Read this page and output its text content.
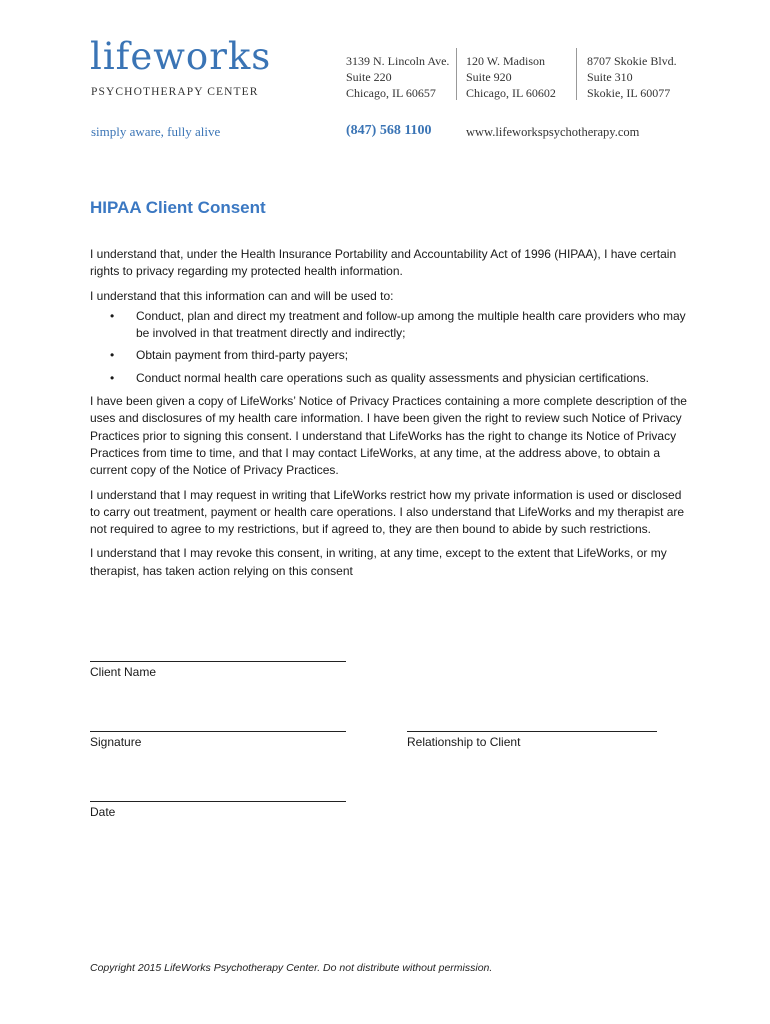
lifeworks
PSYCHOTHERAPY CENTER
simply aware, fully alive
3139 N. Lincoln Ave.
Suite 220
Chicago, IL 60657
120 W. Madison
Suite 920
Chicago, IL 60602
8707 Skokie Blvd.
Suite 310
Skokie, IL 60077
(847) 568 1100	www.lifeworkspsychotherapy.com
HIPAA Client Consent

I understand that, under the Health Insurance Portability and Accountability Act of 1996 (HIPAA), I have certain rights to privacy regarding my protected health information.

I understand that this information can and will be used to:

• Conduct, plan and direct my treatment and follow-up among the multiple health care providers who may be involved in that treatment directly and indirectly;
• Obtain payment from third-party payers;
• Conduct normal health care operations such as quality assessments and physician certifications.

I have been given a copy of LifeWorks’ Notice of Privacy Practices containing a more complete description of the uses and disclosures of my health care information. I have been given the right to review such Notice of Privacy Practices prior to signing this consent. I understand that LifeWorks has the right to change its Notice of Privacy Practices from time to time, and that I may contact LifeWorks, at any time, at the address above, to obtain a current copy of the Notice of Privacy Practices.

I understand that I may request in writing that LifeWorks restrict how my private information is used or disclosed to carry out treatment, payment or health care operations. I also understand that LifeWorks and my therapist are not required to agree to my restrictions, but if agreed to, they are then bound to abide by such restrictions.

I understand that I may revoke this consent, in writing, at any time, except to the extent that LifeWorks, or my therapist, has taken action relying on this consent

Client Name
Signature	Relationship to Client
Date
Copyright 2015 LifeWorks Psychotherapy Center. Do not distribute without permission.
